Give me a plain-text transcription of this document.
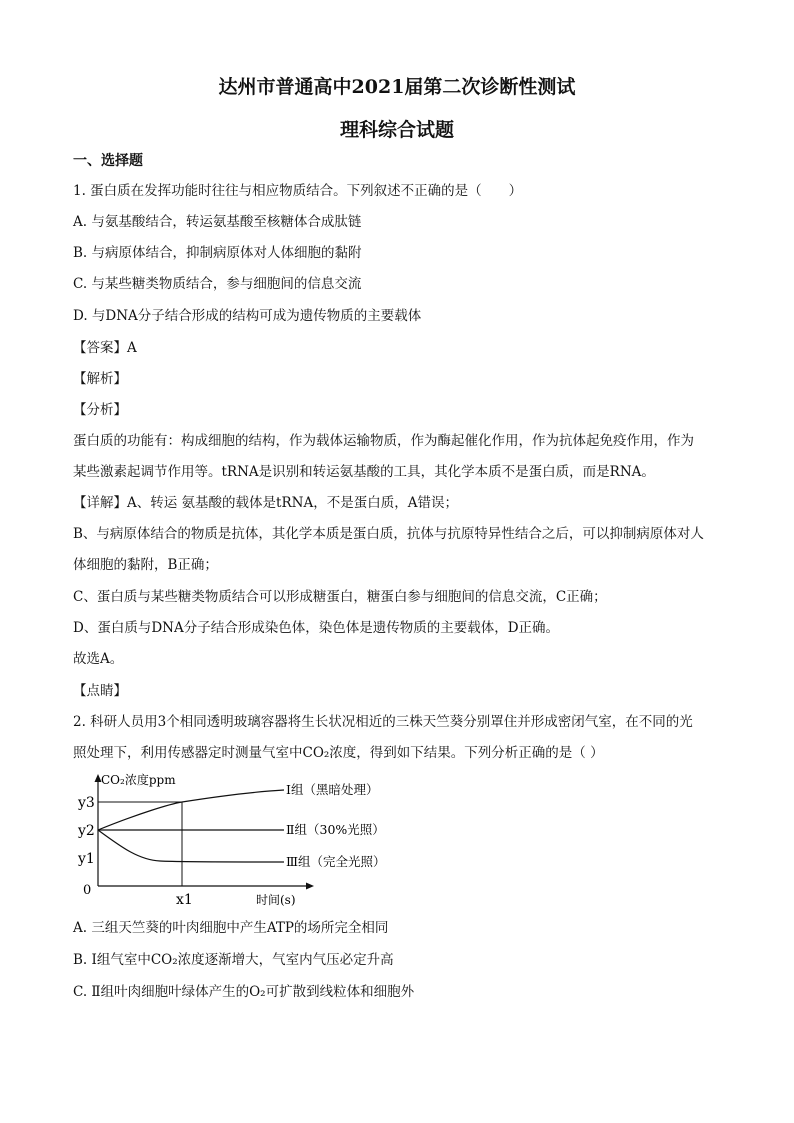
达州市普通高中2021届第二次诊断性测试
理科综合试题
一、选择题
1. 蛋白质在发挥功能时往往与相应物质结合。下列叙述不正确的是（　　）
A. 与氨基酸结合，转运氨基酸至核糖体合成肽链
B. 与病原体结合，抑制病原体对人体细胞的黏附
C. 与某些糖类物质结合，参与细胞间的信息交流
D. 与DNA分子结合形成的结构可成为遗传物质的主要载体
【答案】A
【解析】
【分析】
蛋白质的功能有：构成细胞的结构，作为载体运输物质，作为酶起催化作用，作为抗体起免疫作用，作为
某些激素起调节作用等。tRNA是识别和转运氨基酸的工具，其化学本质不是蛋白质，而是RNA。
【详解】A、转运 氨基酸的载体是tRNA，不是蛋白质，A错误；
B、与病原体结合的物质是抗体，其化学本质是蛋白质，抗体与抗原特异性结合之后，可以抑制病原体对人
体细胞的黏附，B正确；
C、蛋白质与某些糖类物质结合可以形成糖蛋白，糖蛋白参与细胞间的信息交流，C正确；
D、蛋白质与DNA分子结合形成染色体，染色体是遗传物质的主要载体，D正确。
故选A。
【点睛】
2. 科研人员用3个相同透明玻璃容器将生长状况相近的三株天竺葵分别罩住并形成密闭气室，在不同的光
照处理下，利用传感器定时测量气室中CO₂浓度，得到如下结果。下列分析正确的是（ ）
CO₂浓度ppm
时间(s)
0
y3
y2
y1
x1
Ⅰ组（黑暗处理）
Ⅱ组（30%光照）
Ⅲ组（完全光照）
A. 三组天竺葵的叶肉细胞中产生ATP的场所完全相同
B. Ⅰ组气室中CO₂浓度逐渐增大，气室内气压必定升高
C. Ⅱ组叶肉细胞叶绿体产生的O₂可扩散到线粒体和细胞外
